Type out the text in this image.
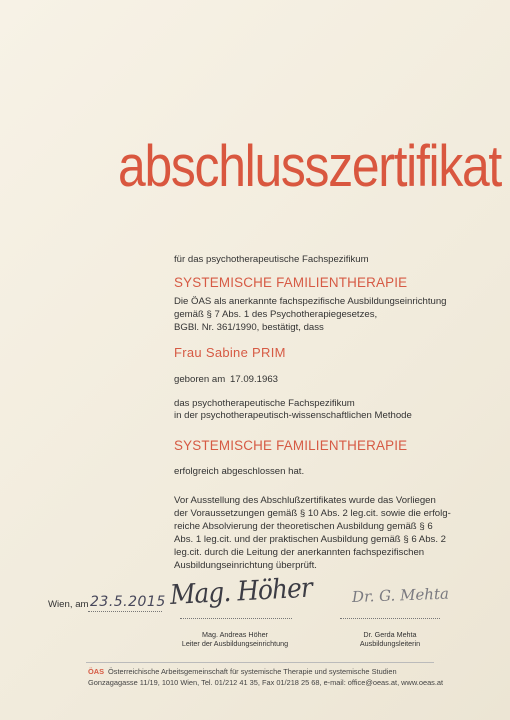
abschlusszertifikat
für das psychotherapeutische Fachspezifikum
SYSTEMISCHE FAMILIENTHERAPIE
Die ÖAS als anerkannte fachspezifische Ausbildungseinrichtung
gemäß § 7 Abs. 1 des Psychotherapiegesetzes,
BGBl. Nr. 361/1990, bestätigt, dass
Frau Sabine PRIM
geboren am 17.09.1963
das psychotherapeutische Fachspezifikum
in der psychotherapeutisch-wissenschaftlichen Methode
SYSTEMISCHE FAMILIENTHERAPIE
erfolgreich abgeschlossen hat.
Vor Ausstellung des Abschlußzertifikates wurde das Vorliegen
der Voraussetzungen gemäß § 10 Abs. 2 leg.cit. sowie die erfolg-
reiche Absolvierung der theoretischen Ausbildung gemäß § 6
Abs. 1 leg.cit. und der praktischen Ausbildung gemäß § 6 Abs. 2
leg.cit. durch die Leitung der anerkannten fachspezifischen
Ausbildungseinrichtung überprüft.
Wien, am 23.5.2015 Mag. Höher	Dr. G. Mehta
Mag. Andreas Höher
Leiter der Ausbildungseinrichtung
Dr. Gerda Mehta
Ausbildungsleiterin
ÖAS Österreichische Arbeitsgemeinschaft für systemische Therapie und systemische Studien
Gonzagagasse 11/19, 1010 Wien, Tel. 01/212 41 35, Fax 01/218 25 68, e-mail: office@oeas.at, www.oeas.at
